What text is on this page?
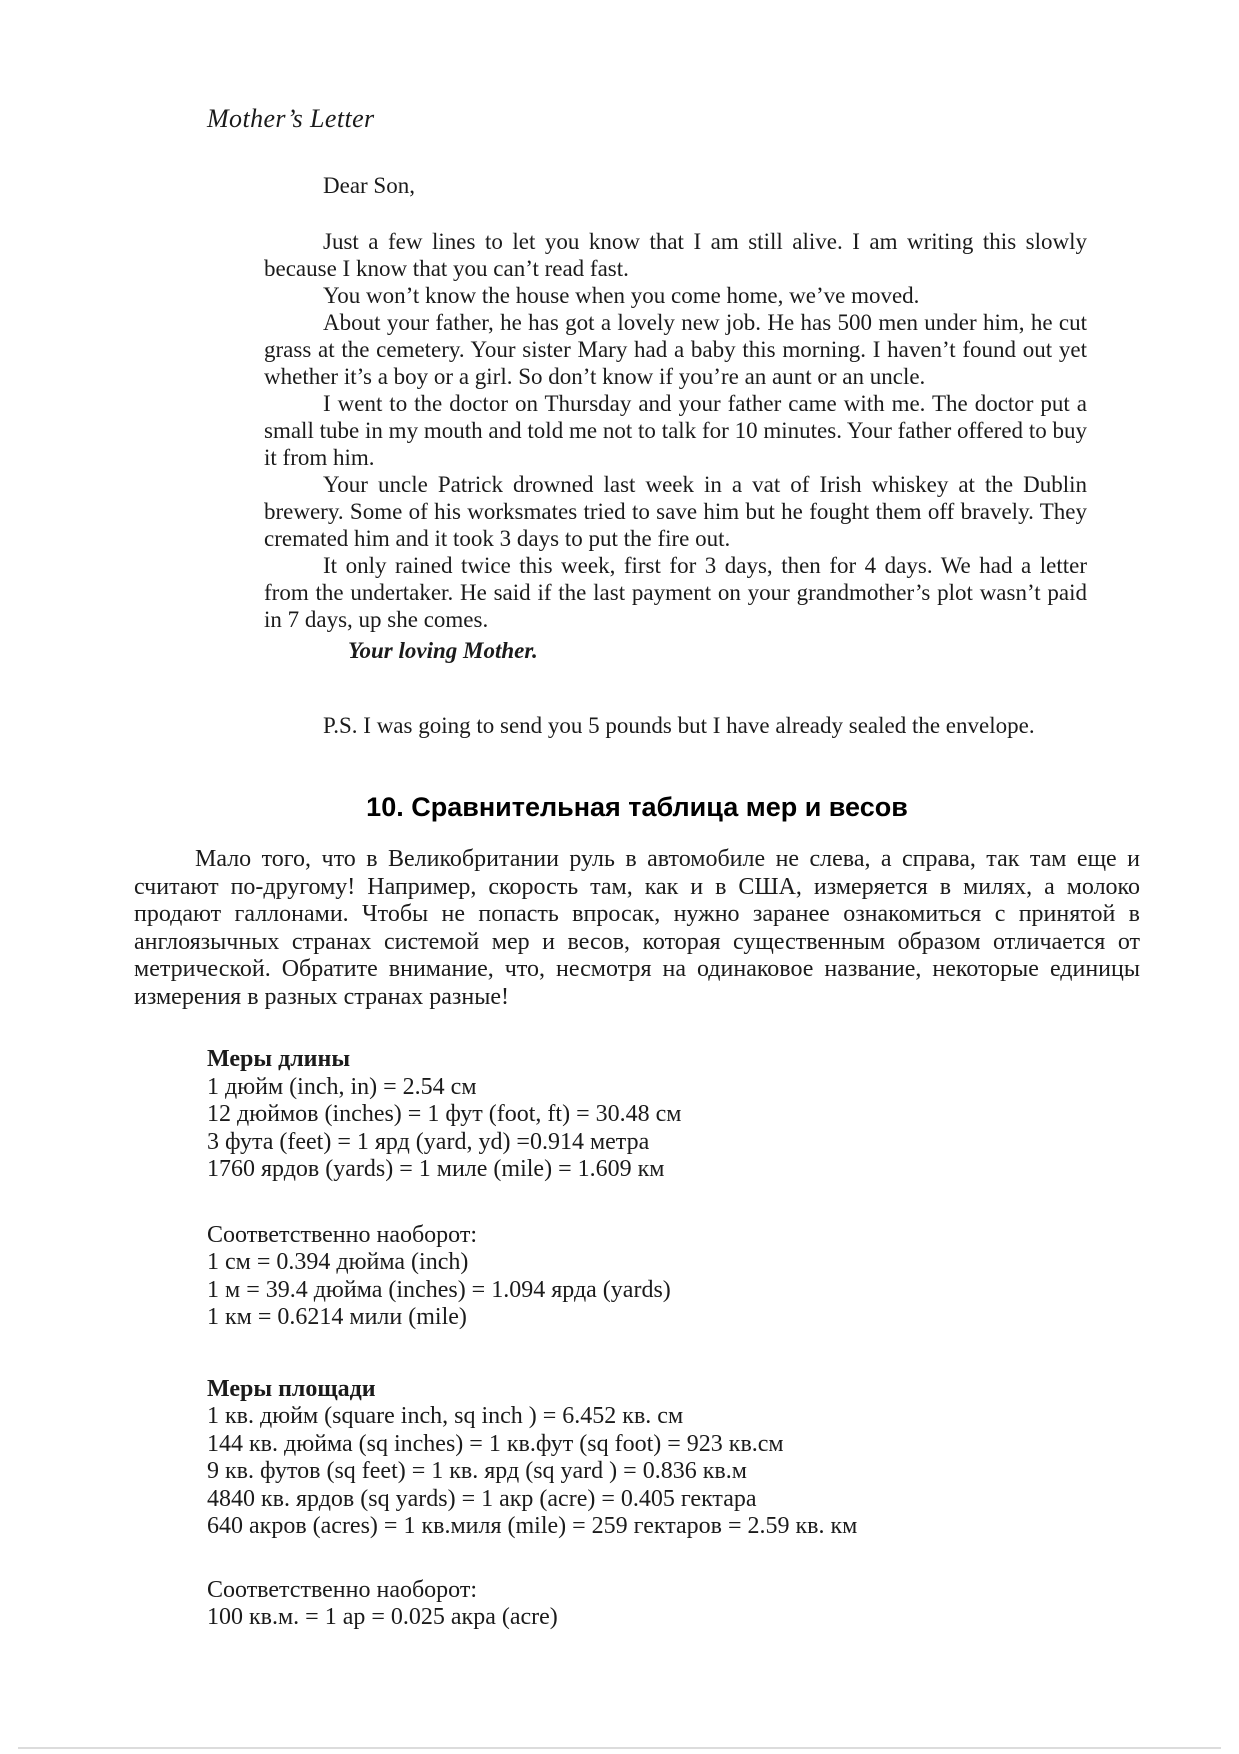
Mother’s Letter
Dear Son,

Just a few lines to let you know that I am still alive. I am writing this slowly because I know that you can’t read fast.

You won’t know the house when you come home, we’ve moved.

About your father, he has got a lovely new job. He has 500 men under him, he cut grass at the cemetery. Your sister Mary had a baby this morning. I haven’t found out yet whether it’s a boy or a girl. So don’t know if you’re an aunt or an uncle.

I went to the doctor on Thursday and your father came with me. The doctor put a small tube in my mouth and told me not to talk for 10 minutes. Your father offered to buy it from him.

Your uncle Patrick drowned last week in a vat of Irish whiskey at the Dublin brewery. Some of his worksmates tried to save him but he fought them off bravely. They cremated him and it took 3 days to put the fire out.

It only rained twice this week, first for 3 days, then for 4 days. We had a letter from the undertaker. He said if the last payment on your grandmother’s plot wasn’t paid in 7 days, up she comes.

Your loving Mother.
P.S. I was going to send you 5 pounds but I have already sealed the envelope.
10. Сравнительная таблица мер и весов

Мало того, что в Великобритании руль в автомобиле не слева, а справа, так там еще и считают по-другому! Например, скорость там, как и в США, измеряется в милях, а молоко продают галлонами. Чтобы не попасть впросак, нужно заранее ознакомиться с принятой в англоязычных странах системой мер и весов, которая существенным образом отличается от метрической. Обратите внимание, что, несмотря на одинаковое название, некоторые единицы измерения в разных странах разные!

Меры длины
1 дюйм (inch, in) = 2.54 см
12 дюймов (inches) = 1 фут (foot, ft) = 30.48 см
3 фута (feet) = 1 ярд (yard, yd) =0.914 метра
1760 ярдов (yards) = 1 миле (mile) = 1.609 км
Соответственно наоборот:
1 см = 0.394 дюйма (inch)
1 м = 39.4 дюйма (inches) = 1.094 ярда (yards)
1 км = 0.6214 мили (mile)
Меры площади
1 кв. дюйм (square inch, sq inch ) = 6.452 кв. см
144 кв. дюйма (sq inches) = 1 кв.фут (sq foot) = 923 кв.см
9 кв. футов (sq feet) = 1 кв. ярд (sq yard ) = 0.836 кв.м
4840 кв. ярдов (sq yards) = 1 акр (acre) = 0.405 гектара
640 акров (acres) = 1 кв.миля (mile) = 259 гектаров = 2.59 кв. км
Соответственно наоборот:
100 кв.м. = 1 ар = 0.025 акра (acre)
